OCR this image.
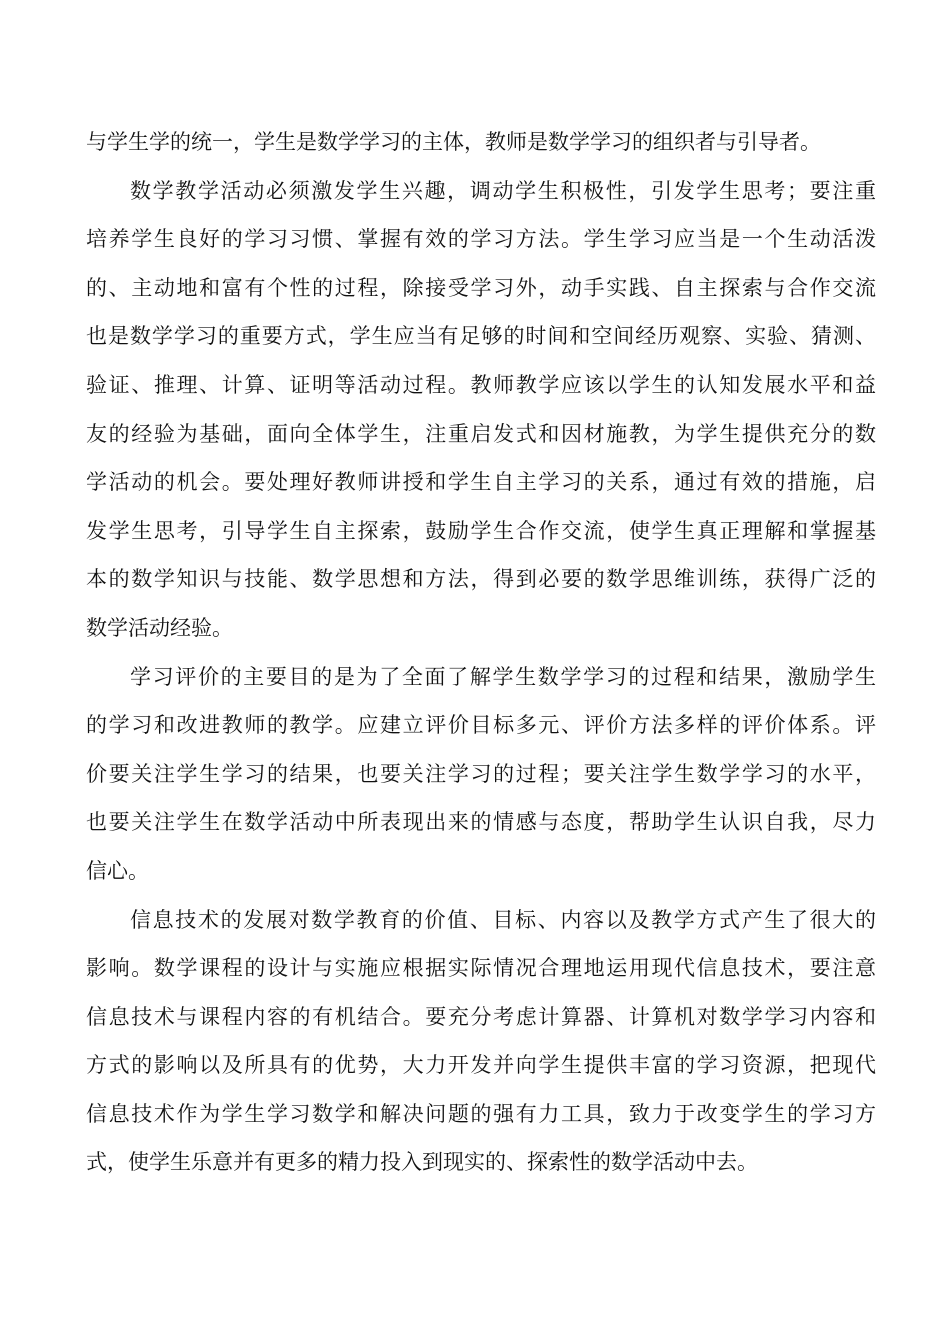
与学生学的统一，学生是数学学习的主体，教师是数学学习的组织者与引导者。
数学教学活动必须激发学生兴趣，调动学生积极性，引发学生思考；要注重
培养学生良好的学习习惯、掌握有效的学习方法。学生学习应当是一个生动活泼
的、主动地和富有个性的过程，除接受学习外，动手实践、自主探索与合作交流
也是数学学习的重要方式，学生应当有足够的时间和空间经历观察、实验、猜测、
验证、推理、计算、证明等活动过程。教师教学应该以学生的认知发展水平和益
友的经验为基础，面向全体学生，注重启发式和因材施教，为学生提供充分的数
学活动的机会。要处理好教师讲授和学生自主学习的关系，通过有效的措施，启
发学生思考，引导学生自主探索，鼓励学生合作交流，使学生真正理解和掌握基
本的数学知识与技能、数学思想和方法，得到必要的数学思维训练，获得广泛的
数学活动经验。
学习评价的主要目的是为了全面了解学生数学学习的过程和结果，激励学生
的学习和改进教师的教学。应建立评价目标多元、评价方法多样的评价体系。评
价要关注学生学习的结果，也要关注学习的过程；要关注学生数学学习的水平，
也要关注学生在数学活动中所表现出来的情感与态度，帮助学生认识自我，尽力
信心。
信息技术的发展对数学教育的价值、目标、内容以及教学方式产生了很大的
影响。数学课程的设计与实施应根据实际情况合理地运用现代信息技术，要注意
信息技术与课程内容的有机结合。要充分考虑计算器、计算机对数学学习内容和
方式的影响以及所具有的优势，大力开发并向学生提供丰富的学习资源，把现代
信息技术作为学生学习数学和解决问题的强有力工具，致力于改变学生的学习方
式，使学生乐意并有更多的精力投入到现实的、探索性的数学活动中去。
